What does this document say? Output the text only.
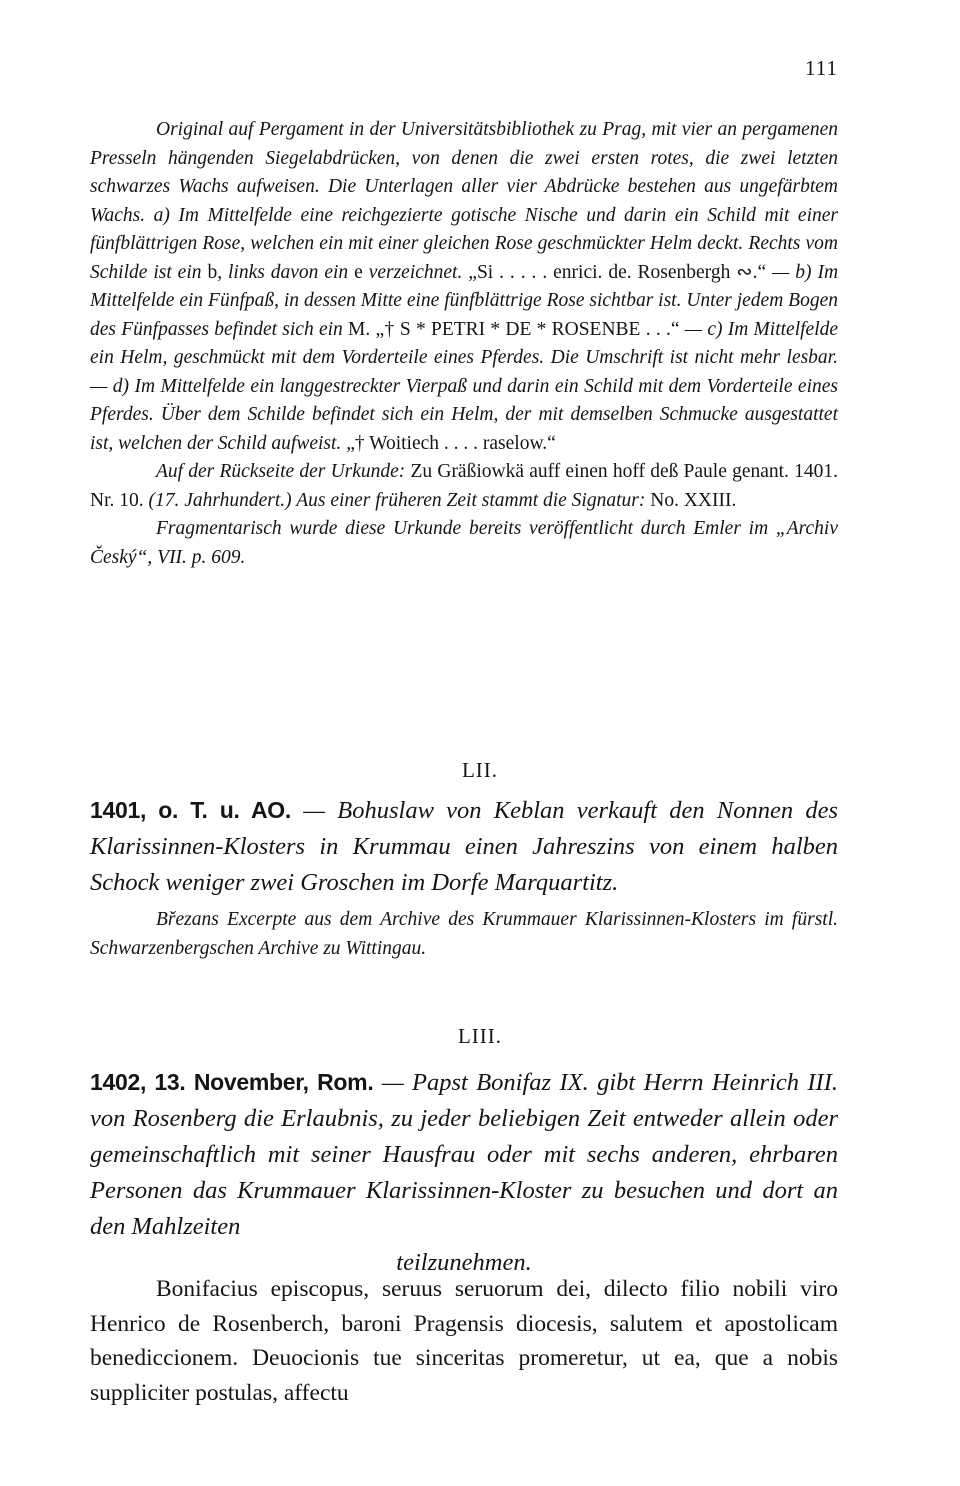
111

Original auf Pergament in der Universitätsbibliothek zu Prag, mit vier an pergamenen Presseln hängenden Siegelabdrücken, von denen die zwei ersten rotes, die zwei letzten schwarzes Wachs aufweisen. Die Unterlagen aller vier Abdrücke bestehen aus ungefärbtem Wachs. a) Im Mittelfelde eine reichgezierte gotische Nische und darin ein Schild mit einer fünfblättrigen Rose, welchen ein mit einer gleichen Rose geschmückter Helm deckt. Rechts vom Schilde ist ein b, links davon ein e verzeichnet. „Si . . . . . enrici. de. Rosenbergh ∾.“ — b) Im Mittelfelde ein Fünfpaß, in dessen Mitte eine fünfblättrige Rose sichtbar ist. Unter jedem Bogen des Fünfpasses befindet sich ein M. „† S * PETRI * DE * ROSENBE . . .“ — c) Im Mittelfelde ein Helm, geschmückt mit dem Vorderteile eines Pferdes. Die Umschrift ist nicht mehr lesbar. — d) Im Mittelfelde ein langgestreckter Vierpaß und darin ein Schild mit dem Vorderteile eines Pferdes. Über dem Schilde befindet sich ein Helm, der mit demselben Schmucke ausgestattet ist, welchen der Schild aufweist. „† Woitiech . . . . raselow.“

Auf der Rückseite der Urkunde: Zu Gräßiowkä auff einen hoff deß Paule genant. 1401. Nr. 10. (17. Jahrhundert.) Aus einer früheren Zeit stammt die Signatur: No. XXIII.

Fragmentarisch wurde diese Urkunde bereits veröffentlicht durch Emler im „Archiv Český“, VII. p. 609.

LII.

1401, o. T. u. AO. — Bohuslaw von Keblan verkauft den Nonnen des Klarissinnen-Klosters in Krummau einen Jahreszins von einem halben Schock weniger zwei Groschen im Dorfe Marquartitz.

Březans Excerpte aus dem Archive des Krummauer Klarissinnen-Klosters im fürstl. Schwarzenbergschen Archive zu Wittingau.

LIII.

1402, 13. November, Rom. — Papst Bonifaz IX. gibt Herrn Heinrich III. von Rosenberg die Erlaubnis, zu jeder beliebigen Zeit entweder allein oder gemeinschaftlich mit seiner Hausfrau oder mit sechs anderen, ehrbaren Personen das Krummauer Klarissinnen-Kloster zu besuchen und dort an den Mahlzeiten

teilzunehmen.

Bonifacius episcopus, seruus seruorum dei, dilecto filio nobili viro Henrico de Rosenberch, baroni Pragensis diocesis, salutem et apostolicam benediccionem. Deuocionis tue sinceritas promeretur, ut ea, que a nobis suppliciter postulas, affectu
